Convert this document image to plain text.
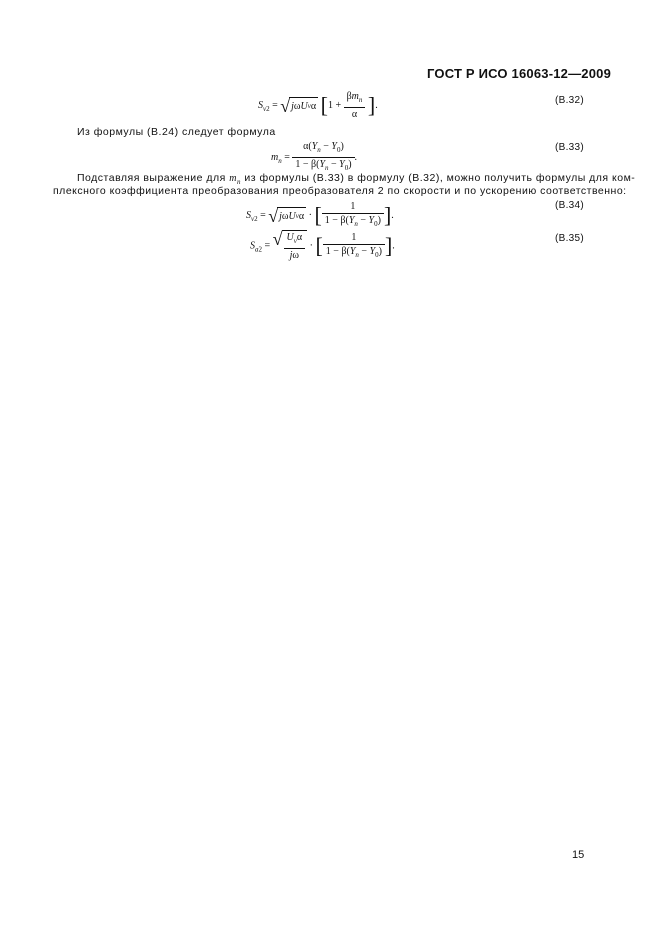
ГОСТ Р ИСО 16063-12—2009
$S_{v2}$ = √ j ω U v α [$1 + \frac{\beta m_n}{\alpha}$ ].	(B.32)
Из формулы (B.24) следует формула
$m_n = \frac{\alpha(Y_n - Y_0)}{1 - \beta(Y_n - Y_0)}$ .
(B.33)
Подставляя выражение для $m_n$ из формулы (B.33) в формулу (B.32), можно получить формулы для ком-
плексного коэффициента преобразования преобразователя 2 по скорости и по ускорению соответственно:
$S_{v2}$ = √ j ω U v α · [ $\frac{1}{1 - \beta(Y_n - Y_0)}$ ].
(B.34)
$S_{a2}$ = √ $\frac{U_v\alpha}{j\omega}$ · [ $\frac{1}{1 - \beta(Y_n - Y_0)}$ ].
(B.35)
15
